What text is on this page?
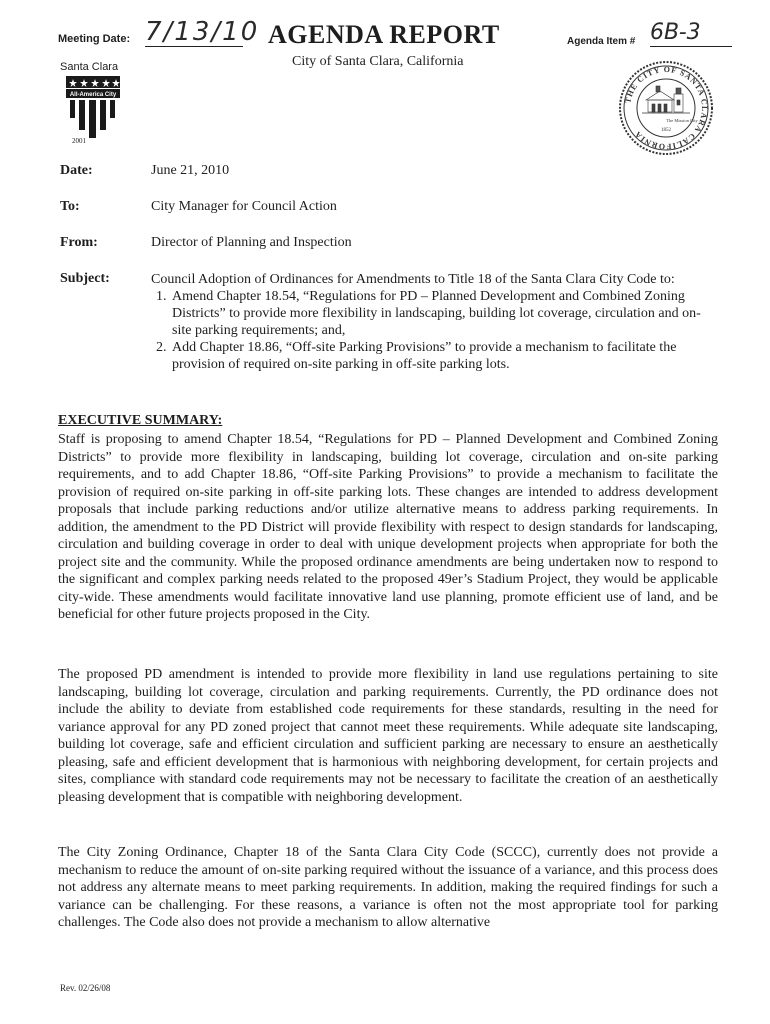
Meeting Date: 7/13/10 AGENDA REPORT
City of Santa Clara, California
Agenda Item # 6B-3
Santa Clara
All-America City
2001
THE CITY OF SANTA CLARA CALIFORNIA
The Mission City
1852
Date:	June 21, 2010
To:	City Manager for Council Action
From:	Director of Planning and Inspection
Subject:	Council Adoption of Ordinances for Amendments to Title 18 of the Santa Clara City Code to:
1. Amend Chapter 18.54, “Regulations for PD – Planned Development and Combined Zoning Districts” to provide more flexibility in landscaping, building lot coverage, circulation and on-site parking requirements; and,
2. Add Chapter 18.86, “Off-site Parking Provisions” to provide a mechanism to facilitate the provision of required on-site parking in off-site parking lots.
EXECUTIVE SUMMARY:

Staff is proposing to amend Chapter 18.54, “Regulations for PD – Planned Development and Combined Zoning Districts” to provide more flexibility in landscaping, building lot coverage, circulation and on-site parking requirements, and to add Chapter 18.86, “Off-site Parking Provisions” to provide a mechanism to facilitate the provision of required on-site parking in off-site parking lots. These changes are intended to address development proposals that include parking reductions and/or utilize alternative means to address parking requirements. In addition, the amendment to the PD District will provide flexibility with respect to design standards for landscaping, circulation and building coverage in order to deal with unique development projects when appropriate for both the project site and the community. While the proposed ordinance amendments are being undertaken now to respond to the significant and complex parking needs related to the proposed 49er’s Stadium Project, they would be applicable city-wide. These amendments would facilitate innovative land use planning, promote efficient use of land, and be beneficial for other future projects proposed in the City.

The proposed PD amendment is intended to provide more flexibility in land use regulations pertaining to site landscaping, building lot coverage, circulation and parking requirements. Currently, the PD ordinance does not include the ability to deviate from established code requirements for these standards, resulting in the need for variance approval for any PD zoned project that cannot meet these requirements. While adequate site landscaping, building lot coverage, safe and efficient circulation and sufficient parking are necessary to ensure an aesthetically pleasing, safe and efficient development that is harmonious with neighboring development, for certain projects and sites, compliance with standard code requirements may not be necessary to facilitate the creation of an aesthetically pleasing development that is compatible with neighboring development.

The City Zoning Ordinance, Chapter 18 of the Santa Clara City Code (SCCC), currently does not provide a mechanism to reduce the amount of on-site parking required without the issuance of a variance, and this process does not address any alternate means to meet parking requirements. In addition, making the required findings for such a variance can be challenging. For these reasons, a variance is often not the most appropriate tool for parking challenges. The Code also does not provide a mechanism to allow alternative

Rev. 02/26/08
